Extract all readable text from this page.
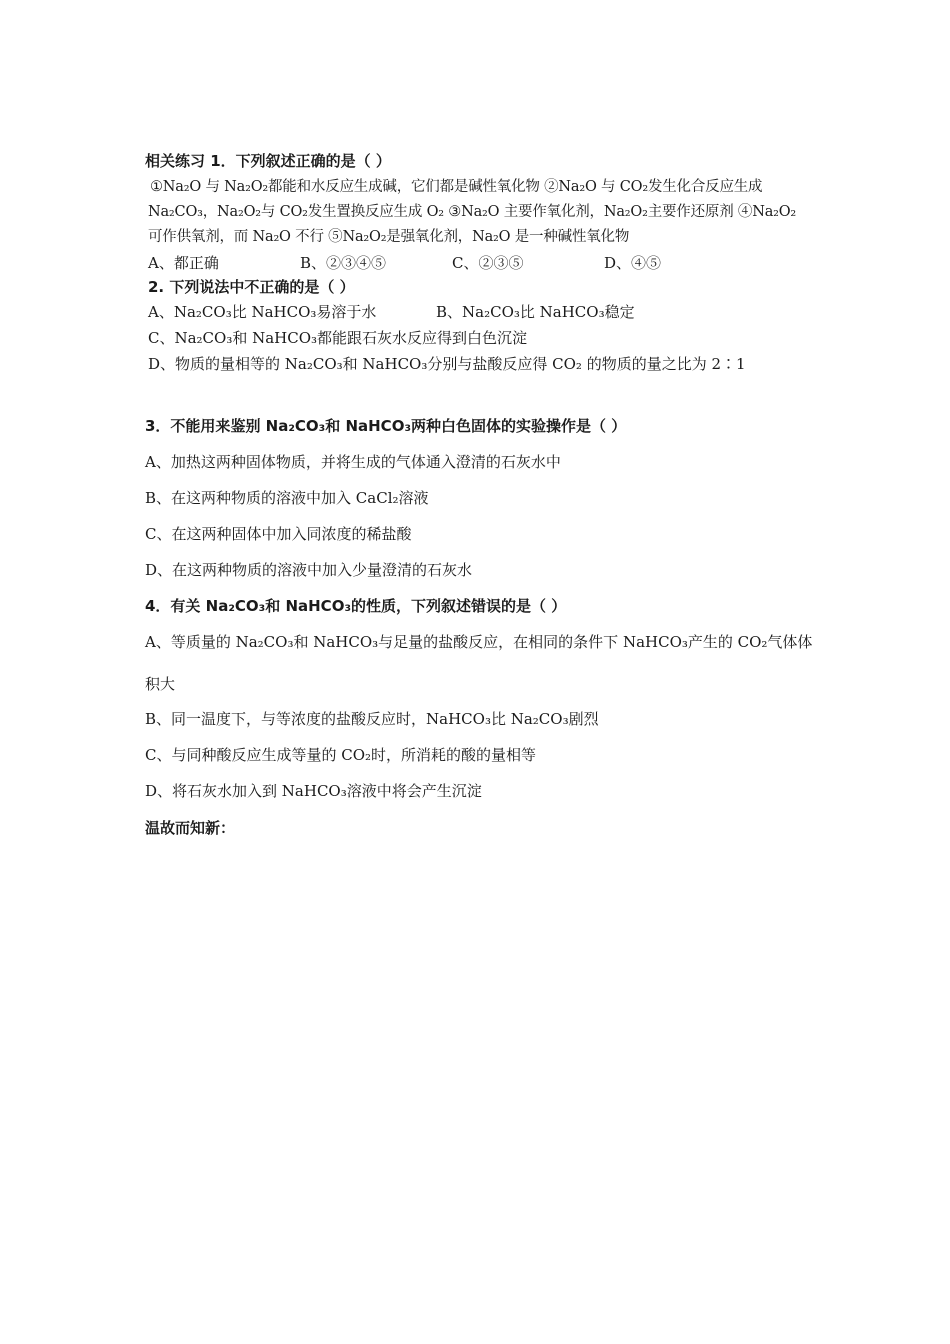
相关练习 1．下列叙述正确的是（ ）
①Na₂O 与 Na₂O₂都能和水反应生成碱，它们都是碱性氧化物 ②Na₂O 与 CO₂发生化合反应生成
Na₂CO₃，Na₂O₂与 CO₂发生置换反应生成 O₂ ③Na₂O 主要作氧化剂，Na₂O₂主要作还原剂 ④Na₂O₂
可作供氧剂，而 Na₂O 不行 ⑤Na₂O₂是强氧化剂，Na₂O 是一种碱性氧化物
A、都正确	B、②③④⑤	C、②③⑤	D、④⑤
2. 下列说法中不正确的是（ ）
A、Na₂CO₃比 NaHCO₃易溶于水	B、Na₂CO₃比 NaHCO₃稳定
C、Na₂CO₃和 NaHCO₃都能跟石灰水反应得到白色沉淀
D、物质的量相等的 Na₂CO₃和 NaHCO₃分别与盐酸反应得 CO₂ 的物质的量之比为 2∶1
3．不能用来鉴别 Na₂CO₃和 NaHCO₃两种白色固体的实验操作是（ ）
A、加热这两种固体物质，并将生成的气体通入澄清的石灰水中
B、在这两种物质的溶液中加入 CaCl₂溶液
C、在这两种固体中加入同浓度的稀盐酸
D、在这两种物质的溶液中加入少量澄清的石灰水
4．有关 Na₂CO₃和 NaHCO₃的性质，下列叙述错误的是（ ）
A、等质量的 Na₂CO₃和 NaHCO₃与足量的盐酸反应，在相同的条件下 NaHCO₃产生的 CO₂气体体
积大
B、同一温度下，与等浓度的盐酸反应时，NaHCO₃比 Na₂CO₃剧烈
C、与同种酸反应生成等量的 CO₂时，所消耗的酸的量相等
D、将石灰水加入到 NaHCO₃溶液中将会产生沉淀
温故而知新：
